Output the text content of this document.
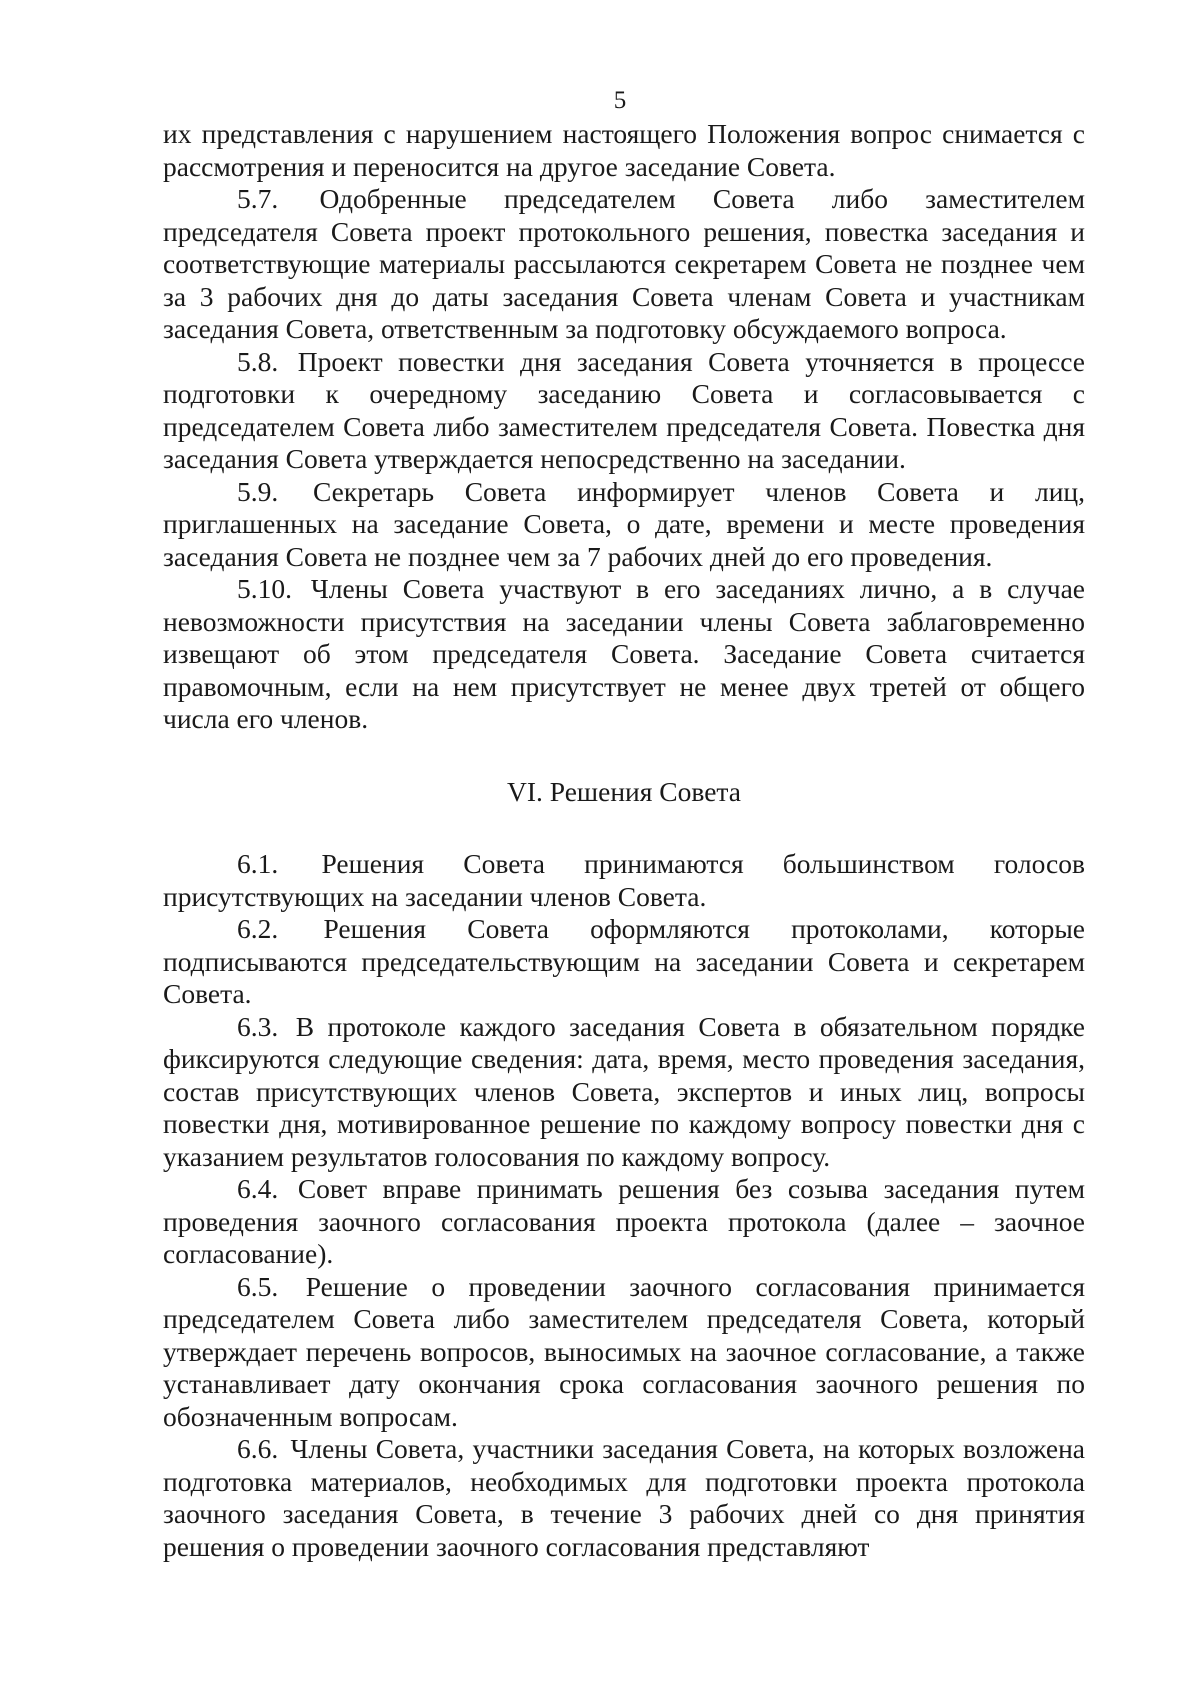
5

их представления с нарушением настоящего Положения вопрос снимается с рассмотрения и переносится на другое заседание Совета.

5.7. Одобренные председателем Совета либо заместителем председателя Совета проект протокольного решения, повестка заседания и соответствующие материалы рассылаются секретарем Совета не позднее чем за 3 рабочих дня до даты заседания Совета членам Совета и участникам заседания Совета, ответственным за подготовку обсуждаемого вопроса.

5.8. Проект повестки дня заседания Совета уточняется в процессе подготовки к очередному заседанию Совета и согласовывается с председателем Совета либо заместителем председателя Совета. Повестка дня заседания Совета утверждается непосредственно на заседании.

5.9. Секретарь Совета информирует членов Совета и лиц, приглашенных на заседание Совета, о дате, времени и месте проведения заседания Совета не позднее чем за 7 рабочих дней до его проведения.

5.10. Члены Совета участвуют в его заседаниях лично, а в случае невозможности присутствия на заседании члены Совета заблаговременно извещают об этом председателя Совета. Заседание Совета считается правомочным, если на нем присутствует не менее двух третей от общего числа его членов.

VI. Решения Совета

6.1. Решения Совета принимаются большинством голосов присутствующих на заседании членов Совета.

6.2. Решения Совета оформляются протоколами, которые подписываются председательствующим на заседании Совета и секретарем Совета.

6.3. В протоколе каждого заседания Совета в обязательном порядке фиксируются следующие сведения: дата, время, место проведения заседания, состав присутствующих членов Совета, экспертов и иных лиц, вопросы повестки дня, мотивированное решение по каждому вопросу повестки дня с указанием результатов голосования по каждому вопросу.

6.4. Совет вправе принимать решения без созыва заседания путем проведения заочного согласования проекта протокола (далее – заочное согласование).

6.5. Решение о проведении заочного согласования принимается председателем Совета либо заместителем председателя Совета, который утверждает перечень вопросов, выносимых на заочное согласование, а также устанавливает дату окончания срока согласования заочного решения по обозначенным вопросам.

6.6. Члены Совета, участники заседания Совета, на которых возложена подготовка материалов, необходимых для подготовки проекта протокола заочного заседания Совета, в течение 3 рабочих дней со дня принятия решения о проведении заочного согласования представляют
